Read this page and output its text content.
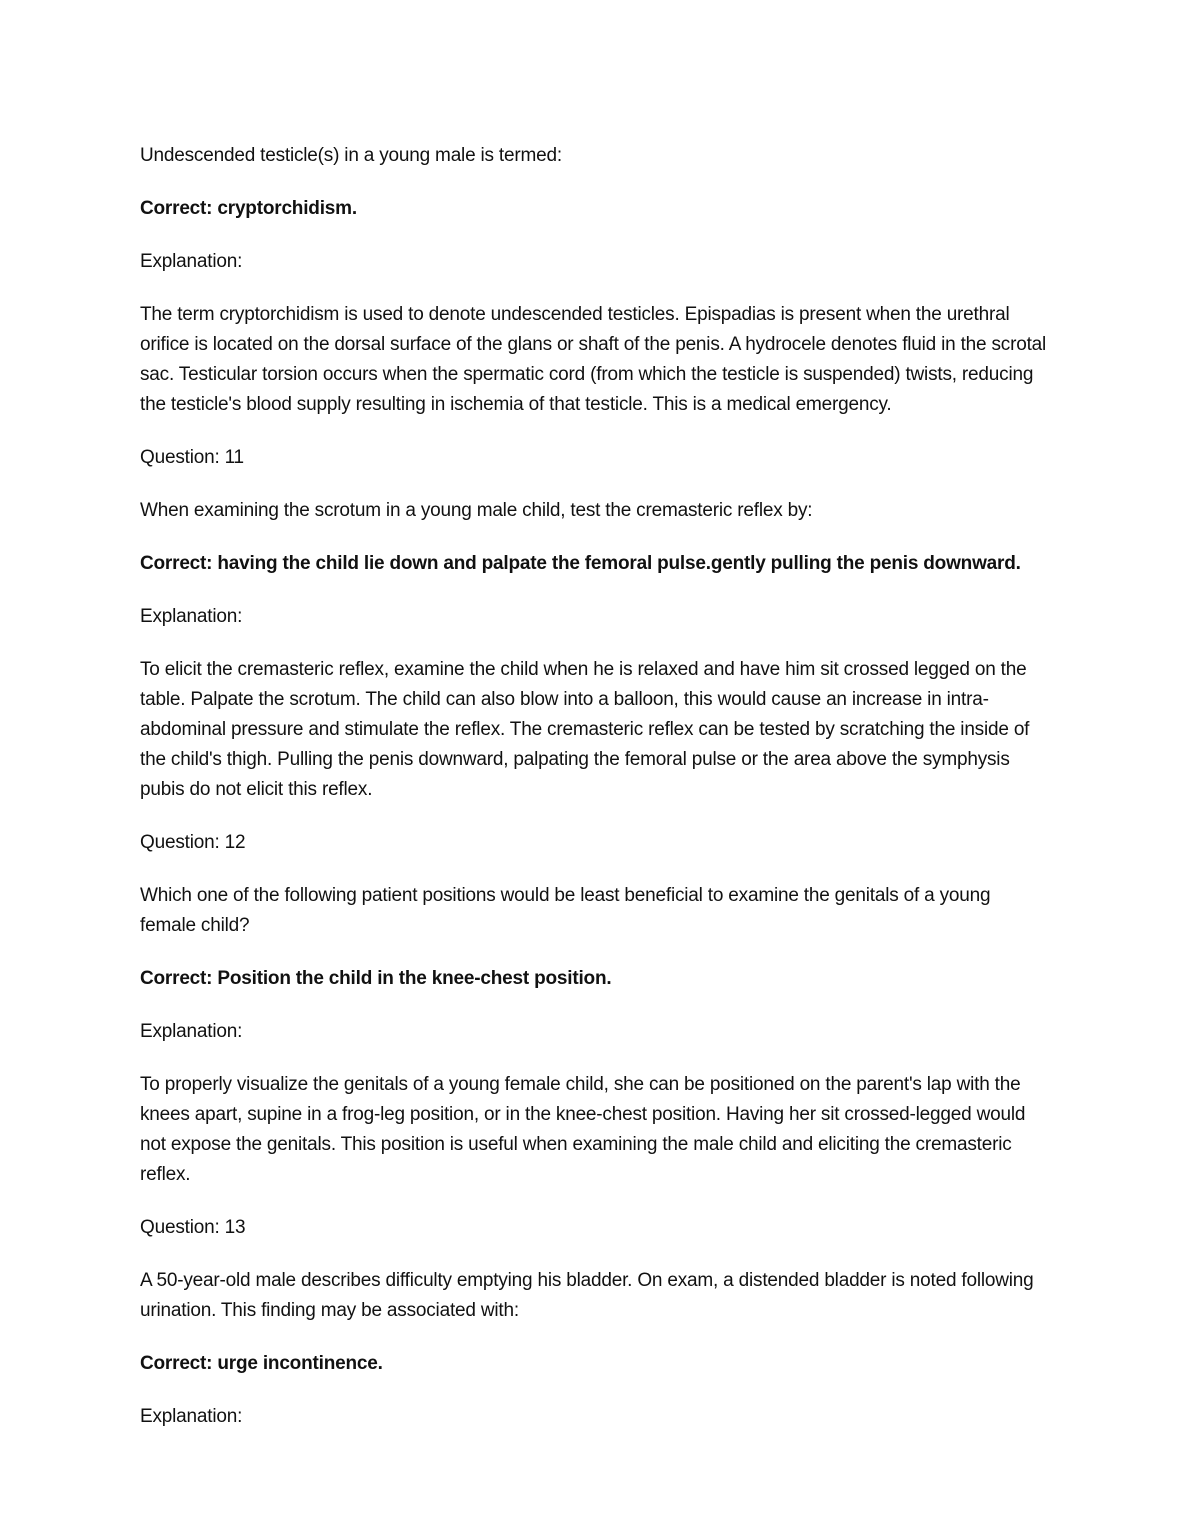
Undescended testicle(s) in a young male is termed:

Correct: cryptorchidism.

Explanation:

The term cryptorchidism is used to denote undescended testicles. Epispadias is present when the urethral orifice is located on the dorsal surface of the glans or shaft of the penis. A hydrocele denotes fluid in the scrotal sac. Testicular torsion occurs when the spermatic cord (from which the testicle is suspended) twists, reducing the testicle's blood supply resulting in ischemia of that testicle. This is a medical emergency.

Question: 11

When examining the scrotum in a young male child, test the cremasteric reflex by:

Correct: having the child lie down and palpate the femoral pulse.gently pulling the penis downward.

Explanation:

To elicit the cremasteric reflex, examine the child when he is relaxed and have him sit crossed legged on the table. Palpate the scrotum. The child can also blow into a balloon, this would cause an increase in intra-abdominal pressure and stimulate the reflex. The cremasteric reflex can be tested by scratching the inside of the child's thigh. Pulling the penis downward, palpating the femoral pulse or the area above the symphysis pubis do not elicit this reflex.

Question: 12

Which one of the following patient positions would be least beneficial to examine the genitals of a young female child?

Correct: Position the child in the knee-chest position.

Explanation:

To properly visualize the genitals of a young female child, she can be positioned on the parent's lap with the knees apart, supine in a frog-leg position, or in the knee-chest position. Having her sit crossed-legged would not expose the genitals. This position is useful when examining the male child and eliciting the cremasteric reflex.

Question: 13

A 50-year-old male describes difficulty emptying his bladder. On exam, a distended bladder is noted following urination. This finding may be associated with:

Correct: urge incontinence.

Explanation:
